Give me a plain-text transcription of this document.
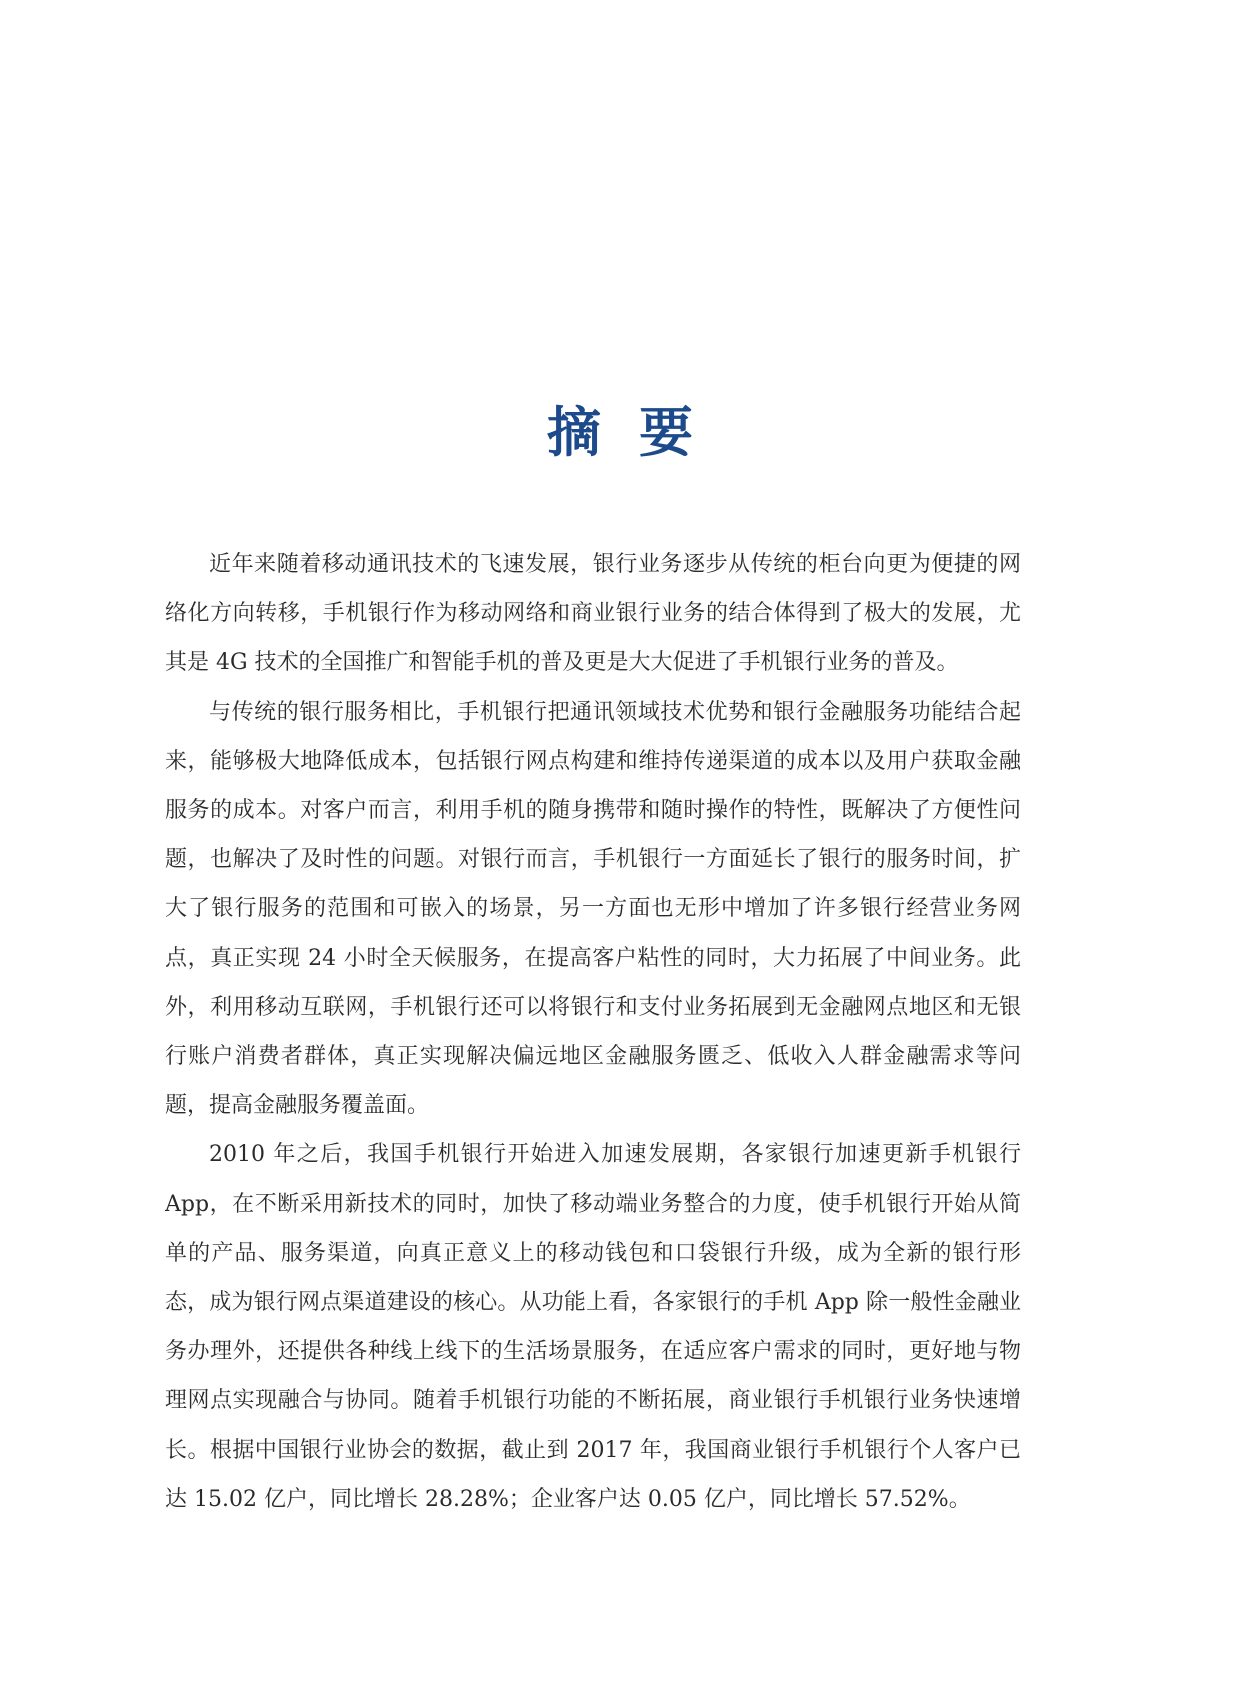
摘 要

近年来随着移动通讯技术的飞速发展，银行业务逐步从传统的柜台向更为便捷的网络化方向转移，手机银行作为移动网络和商业银行业务的结合体得到了极大的发展，尤其是 4G 技术的全国推广和智能手机的普及更是大大促进了手机银行业务的普及。

与传统的银行服务相比，手机银行把通讯领域技术优势和银行金融服务功能结合起来，能够极大地降低成本，包括银行网点构建和维持传递渠道的成本以及用户获取金融服务的成本。对客户而言，利用手机的随身携带和随时操作的特性，既解决了方便性问题，也解决了及时性的问题。对银行而言，手机银行一方面延长了银行的服务时间，扩大了银行服务的范围和可嵌入的场景，另一方面也无形中增加了许多银行经营业务网点，真正实现 24 小时全天候服务，在提高客户粘性的同时，大力拓展了中间业务。此外，利用移动互联网，手机银行还可以将银行和支付业务拓展到无金融网点地区和无银行账户消费者群体，真正实现解决偏远地区金融服务匮乏、低收入人群金融需求等问题，提高金融服务覆盖面。

2010 年之后，我国手机银行开始进入加速发展期，各家银行加速更新手机银行 App，在不断采用新技术的同时，加快了移动端业务整合的力度，使手机银行开始从简单的产品、服务渠道，向真正意义上的移动钱包和口袋银行升级，成为全新的银行形态，成为银行网点渠道建设的核心。从功能上看，各家银行的手机 App 除一般性金融业务办理外，还提供各种线上线下的生活场景服务，在适应客户需求的同时，更好地与物理网点实现融合与协同。随着手机银行功能的不断拓展，商业银行手机银行业务快速增长。根据中国银行业协会的数据，截止到 2017 年，我国商业银行手机银行个人客户已达 15.02 亿户，同比增长 28.28%；企业客户达 0.05 亿户，同比增长 57.52%。
